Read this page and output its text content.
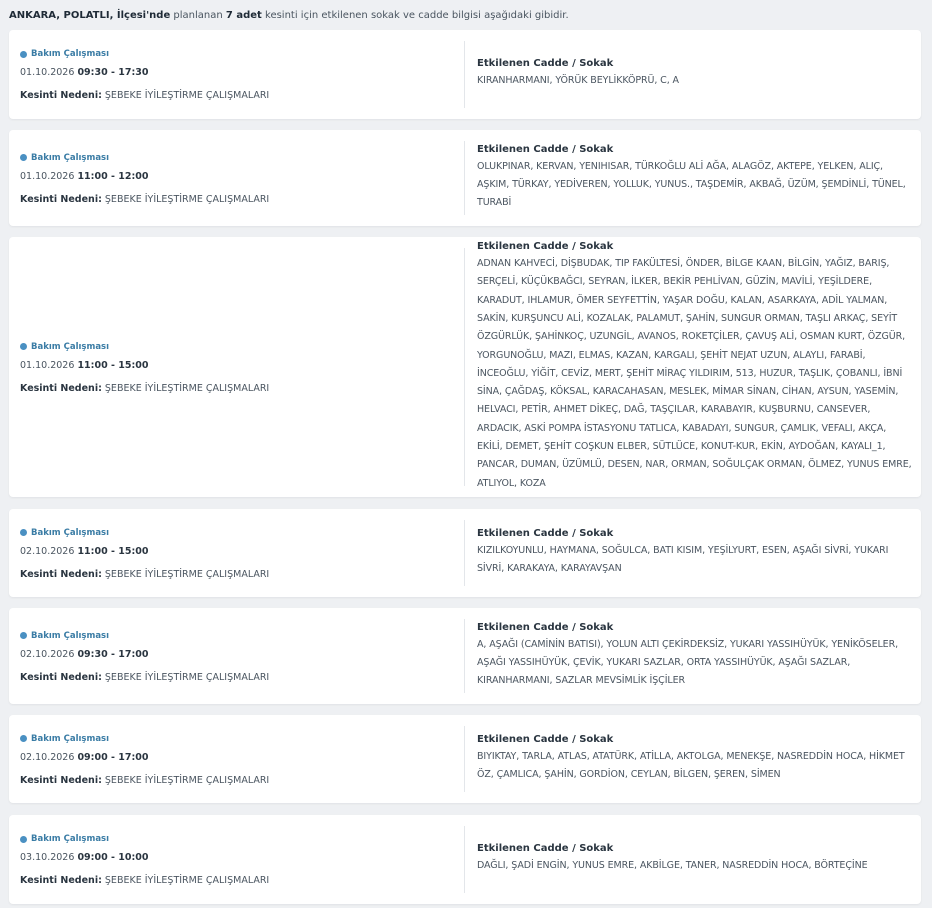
ANKARA, POLATLI, İlçesi'nde planlanan 7 adet kesinti için etkilenen sokak ve cadde bilgisi aşağıdaki gibidir.
Bakım Çalışması
01.10.2026 09:30 - 17:30
Kesinti Nedeni: ŞEBEKE İYİLEŞTİRME ÇALIŞMALARI
Etkilenen Cadde / Sokak
KIRANHARMANI, YÖRÜK BEYLİKKÖPRÜ, C, A
Bakım Çalışması
01.10.2026 11:00 - 12:00
Kesinti Nedeni: ŞEBEKE İYİLEŞTİRME ÇALIŞMALARI
Etkilenen Cadde / Sokak
OLUKPINAR, KERVAN, YENIHISAR, TÜRKOĞLU ALİ AĞA, ALAGÖZ, AKTEPE, YELKEN, ALIÇ, AŞKIM, TÜRKAY, YEDİVEREN, YOLLUK, YUNUS., TAŞDEMİR, AKBAĞ, ÜZÜM, ŞEMDİNLİ, TÜNEL, TURABİ
Bakım Çalışması
01.10.2026 11:00 - 15:00
Kesinti Nedeni: ŞEBEKE İYİLEŞTİRME ÇALIŞMALARI
Etkilenen Cadde / Sokak
ADNAN KAHVECİ, DİŞBUDAK, TIP FAKÜLTESİ, ÖNDER, BİLGE KAAN, BİLGİN, YAĞIZ, BARIŞ, SERÇELİ, KÜÇÜKBAĞCI, SEYRAN, İLKER, BEKİR PEHLİVAN, GÜZİN, MAVİLİ, YEŞİLDERE, KARADUT, IHLAMUR, ÖMER SEYFETTİN, YAŞAR DOĞU, KALAN, ASARKAYA, ADİL YALMAN, SAKİN, KURŞUNCU ALİ, KOZALAK, PALAMUT, ŞAHİN, SUNGUR ORMAN, TAŞLI ARKAÇ, SEYİT ÖZGÜRLÜK, ŞAHİNKOÇ, UZUNGİL, AVANOS, ROKETÇİLER, ÇAVUŞ ALİ, OSMAN KURT, ÖZGÜR, YORGUNOĞLU, MAZI, ELMAS, KAZAN, KARGALI, ŞEHİT NEJAT UZUN, ALAYLI, FARABİ, İNCEOĞLU, YİĞİT, CEVİZ, MERT, ŞEHİT MİRAÇ YILDIRIM, 513, HUZUR, TAŞLIK, ÇOBANLI, İBNİ SİNA, ÇAĞDAŞ, KÖKSAL, KARACAHASAN, MESLEK, MİMAR SİNAN, CİHAN, AYSUN, YASEMİN, HELVACI, PETİR, AHMET DİKEÇ, DAĞ, TAŞÇILAR, KARABAYIR, KUŞBURNU, CANSEVER, ARDACIK, ASKİ POMPA İSTASYONU TATLICA, KABADAYI, SUNGUR, ÇAMLIK, VEFALI, AKÇA, EKİLİ, DEMET, ŞEHİT COŞKUN ELBER, SÜTLÜCE, KONUT-KUR, EKİN, AYDOĞAN, KAYALI_1, PANCAR, DUMAN, ÜZÜMLÜ, DESEN, NAR, ORMAN, SOĞULÇAK ORMAN, ÖLMEZ, YUNUS EMRE, ATLIYOL, KOZA
Bakım Çalışması
02.10.2026 11:00 - 15:00
Kesinti Nedeni: ŞEBEKE İYİLEŞTİRME ÇALIŞMALARI
Etkilenen Cadde / Sokak
KIZILKOYUNLU, HAYMANA, SOĞULCA, BATI KISIM, YEŞİLYURT, ESEN, AŞAĞI SİVRİ, YUKARI SİVRİ, KARAKAYA, KARAYAVŞAN
Bakım Çalışması
02.10.2026 09:30 - 17:00
Kesinti Nedeni: ŞEBEKE İYİLEŞTİRME ÇALIŞMALARI
Etkilenen Cadde / Sokak
A, AŞAĞI (CAMİNİN BATISI), YOLUN ALTI ÇEKİRDEKSİZ, YUKARI YASSIHÜYÜK, YENİKÖSELER, AŞAĞI YASSIHÜYÜK, ÇEVİK, YUKARI SAZLAR, ORTA YASSIHÜYÜK, AŞAĞI SAZLAR, KIRANHARMANI, SAZLAR MEVSİMLİK İŞÇİLER
Bakım Çalışması
02.10.2026 09:00 - 17:00
Kesinti Nedeni: ŞEBEKE İYİLEŞTİRME ÇALIŞMALARI
Etkilenen Cadde / Sokak
BIYIKTAY, TARLA, ATLAS, ATATÜRK, ATİLLA, AKTOLGA, MENEKŞE, NASREDDİN HOCA, HİKMET ÖZ, ÇAMLICA, ŞAHİN, GORDİON, CEYLAN, BİLGEN, ŞEREN, SİMEN
Bakım Çalışması
03.10.2026 09:00 - 10:00
Kesinti Nedeni: ŞEBEKE İYİLEŞTİRME ÇALIŞMALARI
Etkilenen Cadde / Sokak
DAĞLI, ŞADİ ENGİN, YUNUS EMRE, AKBİLGE, TANER, NASREDDİN HOCA, BÖRTEÇİNE
